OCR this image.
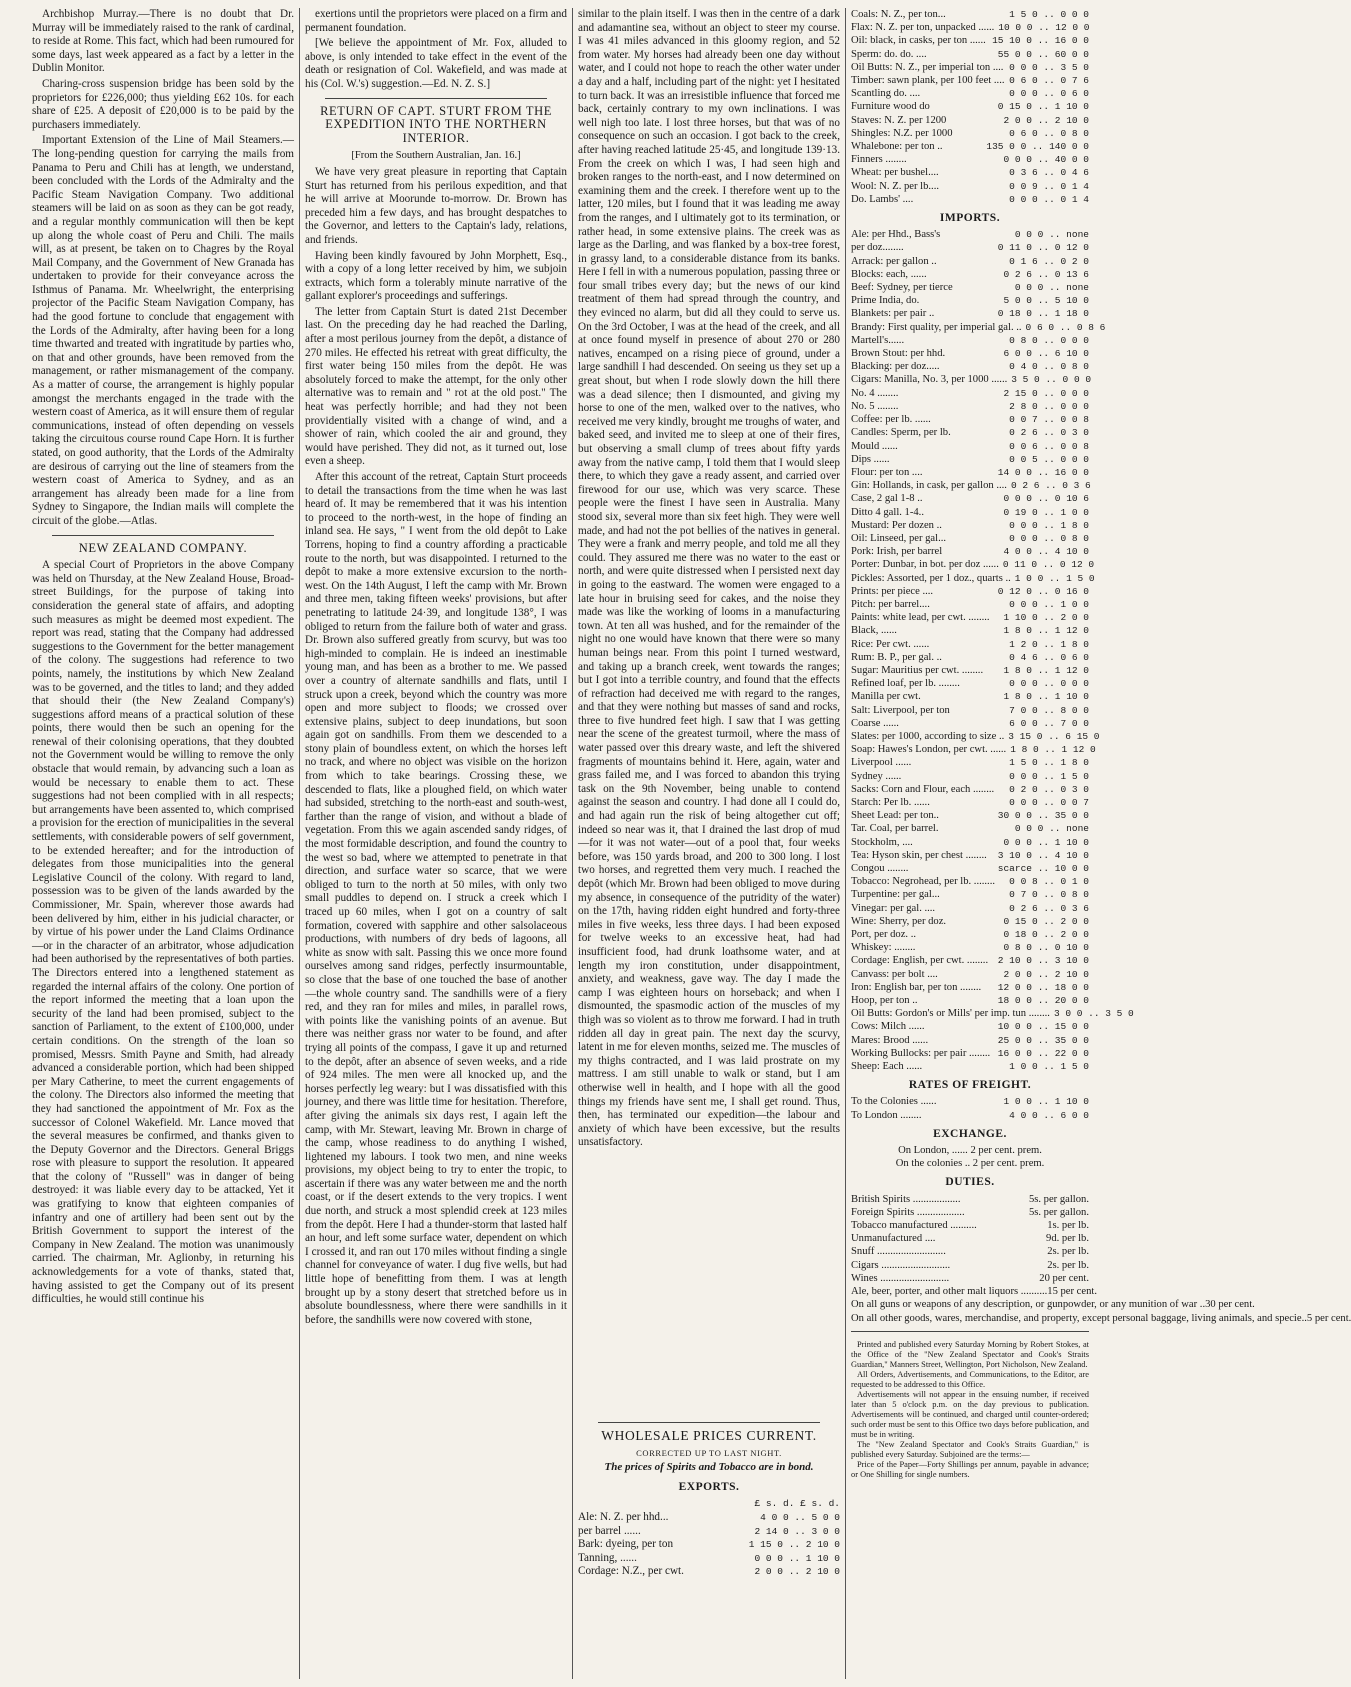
Archbishop Murray.—There is no doubt that Dr. Murray will be immediately raised to the rank of cardinal, to reside at Rome. This fact, which had been rumoured for some days, last week appeared as a fact by a letter in the Dublin Monitor.

Charing-cross suspension bridge has been sold by the proprietors for £226,000; thus yielding £62 10s. for each share of £25. A deposit of £20,000 is to be paid by the purchasers immediately.

Important Extension of the Line of Mail Steamers.—The long-pending question for carrying the mails from Panama to Peru and Chili has at length, we understand, been concluded with the Lords of the Admiralty and the Pacific Steam Navigation Company. Two additional steamers will be laid on as soon as they can be got ready, and a regular monthly communication will then be kept up along the whole coast of Peru and Chili. The mails will, as at present, be taken on to Chagres by the Royal Mail Company, and the Government of New Granada has undertaken to provide for their conveyance across the Isthmus of Panama. Mr. Wheelwright, the enterprising projector of the Pacific Steam Navigation Company, has had the good fortune to conclude that engagement with the Lords of the Admiralty, after having been for a long time thwarted and treated with ingratitude by parties who, on that and other grounds, have been removed from the management, or rather mismanagement of the company. As a matter of course, the arrangement is highly popular amongst the merchants engaged in the trade with the western coast of America, as it will ensure them of regular communications, instead of often depending on vessels taking the circuitous course round Cape Horn. It is further stated, on good authority, that the Lords of the Admiralty are desirous of carrying out the line of steamers from the western coast of America to Sydney, and as an arrangement has already been made for a line from Sydney to Singapore, the Indian mails will complete the circuit of the globe.—Atlas.

NEW ZEALAND COMPANY.

A special Court of Proprietors in the above Company was held on Thursday, at the New Zealand House, Broad-street Buildings, for the purpose of taking into consideration the general state of affairs, and adopting such measures as might be deemed most expedient. The report was read, stating that the Company had addressed suggestions to the Government for the better management of the colony. The suggestions had reference to two points, namely, the institutions by which New Zealand was to be governed, and the titles to land; and they added that should their (the New Zealand Company's) suggestions afford means of a practical solution of these points, there would then be such an opening for the renewal of their colonising operations, that they doubted not the Government would be willing to remove the only obstacle that would remain, by advancing such a loan as would be necessary to enable them to act. These suggestions had not been complied with in all respects; but arrangements have been assented to, which comprised a provision for the erection of municipalities in the several settlements, with considerable powers of self government, to be extended hereafter; and for the introduction of delegates from those municipalities into the general Legislative Council of the colony. With regard to land, possession was to be given of the lands awarded by the Commissioner, Mr. Spain, wherever those awards had been delivered by him, either in his judicial character, or by virtue of his power under the Land Claims Ordinance—or in the character of an arbitrator, whose adjudication had been authorised by the representatives of both parties. The Directors entered into a lengthened statement as regarded the internal affairs of the colony. One portion of the report informed the meeting that a loan upon the security of the land had been promised, subject to the sanction of Parliament, to the extent of £100,000, under certain conditions. On the strength of the loan so promised, Messrs. Smith Payne and Smith, had already advanced a considerable portion, which had been shipped per Mary Catherine, to meet the current engagements of the colony. The Directors also informed the meeting that they had sanctioned the appointment of Mr. Fox as the successor of Colonel Wakefield. Mr. Lance moved that the several measures be confirmed, and thanks given to the Deputy Governor and the Directors. General Briggs rose with pleasure to support the resolution. It appeared that the colony of "Russell" was in danger of being destroyed: it was liable every day to be attacked, Yet it was gratifying to know that eighteen companies of infantry and one of artillery had been sent out by the British Government to support the interest of the Company in New Zealand. The motion was unanimously carried. The chairman, Mr. Aglionby, in returning his acknowledgements for a vote of thanks, stated that, having assisted to get the Company out of its present difficulties, he would still continue his

exertions until the proprietors were placed on a firm and permanent foundation.

[We believe the appointment of Mr. Fox, alluded to above, is only intended to take effect in the event of the death or resignation of Col. Wakefield, and was made at his (Col. W.'s) suggestion.—Ed. N. Z. S.]

RETURN OF CAPT. STURT FROM THE EXPEDITION INTO THE NORTHERN INTERIOR.
[From the Southern Australian, Jan. 16.]

We have very great pleasure in reporting that Captain Sturt has returned from his perilous expedition, and that he will arrive at Moorunde to-morrow. Dr. Brown has preceded him a few days, and has brought despatches to the Governor, and letters to the Captain's lady, relations, and friends.

Having been kindly favoured by John Morphett, Esq., with a copy of a long letter received by him, we subjoin extracts, which form a tolerably minute narrative of the gallant explorer's proceedings and sufferings.

The letter from Captain Sturt is dated 21st December last. On the preceding day he had reached the Darling, after a most perilous journey from the depôt, a distance of 270 miles. He effected his retreat with great difficulty, the first water being 150 miles from the depôt. He was absolutely forced to make the attempt, for the only other alternative was to remain and " rot at the old post." The heat was perfectly horrible; and had they not been providentially visited with a change of wind, and a shower of rain, which cooled the air and ground, they would have perished. They did not, as it turned out, lose even a sheep.

After this account of the retreat, Captain Sturt proceeds to detail the transactions from the time when he was last heard of. It may be remembered that it was his intention to proceed to the north-west, in the hope of finding an inland sea. He says, " I went from the old depôt to Lake Torrens, hoping to find a country affording a practicable route to the north, but was disappointed. I returned to the depôt to make a more extensive excursion to the north-west. On the 14th August, I left the camp with Mr. Brown and three men, taking fifteen weeks' provisions, but after penetrating to latitude 24·39, and longitude 138°, I was obliged to return from the failure both of water and grass. Dr. Brown also suffered greatly from scurvy, but was too high-minded to complain. He is indeed an inestimable young man, and has been as a brother to me. We passed over a country of alternate sandhills and flats, until I struck upon a creek, beyond which the country was more open and more subject to floods; we crossed over extensive plains, subject to deep inundations, but soon again got on sandhills. From them we descended to a stony plain of boundless extent, on which the horses left no track, and where no object was visible on the horizon from which to take bearings. Crossing these, we descended to flats, like a ploughed field, on which water had subsided, stretching to the north-east and south-west, farther than the range of vision, and without a blade of vegetation. From this we again ascended sandy ridges, of the most formidable description, and found the country to the west so bad, where we attempted to penetrate in that direction, and surface water so scarce, that we were obliged to turn to the north at 50 miles, with only two small puddles to depend on. I struck a creek which I traced up 60 miles, when I got on a country of salt formation, covered with sapphire and other salsolaceous productions, with numbers of dry beds of lagoons, all white as snow with salt. Passing this we once more found ourselves among sand ridges, perfectly insurmountable, so close that the base of one touched the base of another—the whole country sand. The sandhills were of a fiery red, and they ran for miles and miles, in parallel rows, with points like the vanishing points of an avenue. But there was neither grass nor water to be found, and after trying all points of the compass, I gave it up and returned to the depôt, after an absence of seven weeks, and a ride of 924 miles. The men were all knocked up, and the horses perfectly leg weary: but I was dissatisfied with this journey, and there was little time for hesitation. Therefore, after giving the animals six days rest, I again left the camp, with Mr. Stewart, leaving Mr. Brown in charge of the camp, whose readiness to do anything I wished, lightened my labours. I took two men, and nine weeks provisions, my object being to try to enter the tropic, to ascertain if there was any water between me and the north coast, or if the desert extends to the very tropics. I went due north, and struck a most splendid creek at 123 miles from the depôt. Here I had a thunder-storm that lasted half an hour, and left some surface water, dependent on which I crossed it, and ran out 170 miles without finding a single channel for conveyance of water. I dug five wells, but had little hope of benefitting from them. I was at length brought up by a stony desert that stretched before us in absolute boundlessness, where there were sandhills in it before, the sandhills were now covered with stone,

similar to the plain itself. I was then in the centre of a dark and adamantine sea, without an object to steer my course. I was 41 miles advanced in this gloomy region, and 52 from water. My horses had already been one day without water, and I could not hope to reach the other water under a day and a half, including part of the night: yet I hesitated to turn back. It was an irresistible influence that forced me back, certainly contrary to my own inclinations. I was well nigh too late. I lost three horses, but that was of no consequence on such an occasion. I got back to the creek, after having reached latitude 25·45, and longitude 139·13. From the creek on which I was, I had seen high and broken ranges to the north-east, and I now determined on examining them and the creek. I therefore went up to the latter, 120 miles, but I found that it was leading me away from the ranges, and I ultimately got to its termination, or rather head, in some extensive plains. The creek was as large as the Darling, and was flanked by a box-tree forest, in grassy land, to a considerable distance from its banks. Here I fell in with a numerous population, passing three or four small tribes every day; but the news of our kind treatment of them had spread through the country, and they evinced no alarm, but did all they could to serve us. On the 3rd October, I was at the head of the creek, and all at once found myself in presence of about 270 or 280 natives, encamped on a rising piece of ground, under a large sandhill I had descended. On seeing us they set up a great shout, but when I rode slowly down the hill there was a dead silence; then I dismounted, and giving my horse to one of the men, walked over to the natives, who received me very kindly, brought me troughs of water, and baked seed, and invited me to sleep at one of their fires, but observing a small clump of trees about fifty yards away from the native camp, I told them that I would sleep there, to which they gave a ready assent, and carried over firewood for our use, which was very scarce. These people were the finest I have seen in Australia. Many stood six, several more than six feet high. They were well made, and had not the pot bellies of the natives in general. They were a frank and merry people, and told me all they could. They assured me there was no water to the east or north, and were quite distressed when I persisted next day in going to the eastward. The women were engaged to a late hour in bruising seed for cakes, and the noise they made was like the working of looms in a manufacturing town. At ten all was hushed, and for the remainder of the night no one would have known that there were so many human beings near. From this point I turned westward, and taking up a branch creek, went towards the ranges; but I got into a terrible country, and found that the effects of refraction had deceived me with regard to the ranges, and that they were nothing but masses of sand and rocks, three to five hundred feet high. I saw that I was getting near the scene of the greatest turmoil, where the mass of water passed over this dreary waste, and left the shivered fragments of mountains behind it. Here, again, water and grass failed me, and I was forced to abandon this trying task on the 9th November, being unable to contend against the season and country. I had done all I could do, and had again run the risk of being altogether cut off; indeed so near was it, that I drained the last drop of mud—for it was not water—out of a pool that, four weeks before, was 150 yards broad, and 200 to 300 long. I lost two horses, and regretted them very much. I reached the depôt (which Mr. Brown had been obliged to move during my absence, in consequence of the putridity of the water) on the 17th, having ridden eight hundred and forty-three miles in five weeks, less three days. I had been exposed for twelve weeks to an excessive heat, had had insufficient food, had drunk loathsome water, and at length my iron constitution, under disappointment, anxiety, and weakness, gave way. The day I made the camp I was eighteen hours on horseback; and when I dismounted, the spasmodic action of the muscles of my thigh was so violent as to throw me forward. I had in truth ridden all day in great pain. The next day the scurvy, latent in me for eleven months, seized me. The muscles of my thighs contracted, and I was laid prostrate on my mattress. I am still unable to walk or stand, but I am otherwise well in health, and I hope with all the good things my friends have sent me, I shall get round. Thus, then, has terminated our expedition—the labour and anxiety of which have been excessive, but the results unsatisfactory.

WHOLESALE PRICES CURRENT.
CORRECTED UP TO LAST NIGHT.
The prices of Spirits and Tobacco are in bond.
EXPORTS.
£ s. d. £ s. d.
Ale: N. Z. per hhd...	4 0 0 .. 5 0 0
per barrel ......	2 14 0 .. 3 0 0
Bark: dyeing, per ton	1 15 0 .. 2 10 0
Tanning, ......	0 0 0 .. 1 10 0
Cordage: N.Z., per cwt.	2 0 0 .. 2 10 0
Coals: N. Z., per ton...	1 5 0 .. 0 0 0
Flax: N. Z. per ton, unpacked ...... 10 0 0 .. 12 0 0
Oil: black, in casks, per ton ...... 15 10 0 .. 16 0 0
Sperm: do. do. ....	55 0 0 .. 60 0 0
Oil Butts: N. Z., per imperial ton .... 0 0 0 .. 3 5 0
Timber: sawn plank, per 100 feet .... 0 6 0 .. 0 7 6
Scantling do. ....	0 0 0 .. 0 6 0
Furniture wood do	0 15 0 .. 1 10 0
Staves: N. Z. per 1200	2 0 0 .. 2 10 0
Shingles: N.Z. per 1000	0 6 0 .. 0 8 0
Whalebone: per ton ..	135 0 0 .. 140 0 0
Finners ........	0 0 0 .. 40 0 0
Wheat: per bushel....	0 3 6 .. 0 4 6
Wool: N. Z. per lb....	0 0 9 .. 0 1 4
Do. Lambs' ....	0 0 0 .. 0 1 4
IMPORTS.
Ale: per Hhd., Bass's	0 0 0 .. none
per doz........	0 11 0 .. 0 12 0
Arrack: per gallon ..	0 1 6 .. 0 2 0
Blocks: each, ......	0 2 6 .. 0 13 6
Beef: Sydney, per tierce	0 0 0 .. none
Prime India, do.	5 0 0 .. 5 10 0
Blankets: per pair ..	0 18 0 .. 1 18 0
Brandy: First quality, per imperial gal. .. 0 6 0 .. 0 8 6
Martell's......	0 8 0 .. 0 0 0
Brown Stout: per hhd.	6 0 0 .. 6 10 0
Blacking: per doz.....	0 4 0 .. 0 8 0
Cigars: Manilla, No. 3, per 1000 ...... 3 5 0 .. 0 0 0
No. 4 ........	2 15 0 .. 0 0 0
No. 5 ........	2 8 0 .. 0 0 0
Coffee: per lb. ......	0 0 7 .. 0 0 8
Candles: Sperm, per lb.	0 2 6 .. 0 3 0
Mould ......	0 0 6 .. 0 0 8
Dips ......	0 0 5 .. 0 0 0
Flour: per ton ....	14 0 0 .. 16 0 0
Gin: Hollands, in cask, per gallon .... 0 2 6 .. 0 3 6
Case, 2 gal 1-8 ..	0 0 0 .. 0 10 6
Ditto 4 gall. 1-4..	0 19 0 .. 1 0 0
Mustard: Per dozen ..	0 0 0 .. 1 8 0
Oil: Linseed, per gal...	0 0 0 .. 0 8 0
Pork: Irish, per barrel	4 0 0 .. 4 10 0
Porter: Dunbar, in bot. per doz ...... 0 11 0 .. 0 12 0
Pickles: Assorted, per 1 doz., quarts .. 1 0 0 .. 1 5 0
Prints: per piece ....	0 12 0 .. 0 16 0
Pitch: per barrel....	0 0 0 .. 1 0 0
Paints: white lead, per cwt. ........	1 10 0 .. 2 0 0
Black, ......	1 8 0 .. 1 12 0
Rice: Per cwt. ......	1 2 0 .. 1 8 0
Rum: B. P., per gal. ..	0 4 6 .. 0 6 0
Sugar: Mauritius per cwt. ........	1 8 0 .. 1 12 0
Refined loaf, per lb. ........	0 0 0 .. 0 0 0
Manilla per cwt.	1 8 0 .. 1 10 0
Salt: Liverpool, per ton	7 0 0 .. 8 0 0
Coarse ......	6 0 0 .. 7 0 0
Slates: per 1000, according to size .. 3 15 0 .. 6 15 0
Soap: Hawes's London, per cwt. ...... 1 8 0 .. 1 12 0
Liverpool ......	1 5 0 .. 1 8 0
Sydney ......	0 0 0 .. 1 5 0
Sacks: Corn and Flour, each ........	0 2 0 .. 0 3 0
Starch: Per lb. ......	0 0 0 .. 0 0 7
Sheet Lead: per ton..	30 0 0 .. 35 0 0
Tar. Coal, per barrel.	0 0 0 .. none
Stockholm, ....	0 0 0 .. 1 10 0
Tea: Hyson skin, per chest ........	3 10 0 .. 4 10 0
Congou ........	scarce .. 10 0 0
Tobacco: Negrohead, per lb. ........	0 0 8 .. 0 1 0
Turpentine: per gal...	0 7 0 .. 0 8 0
Vinegar: per gal. ....	0 2 6 .. 0 3 6
Wine: Sherry, per doz.	0 15 0 .. 2 0 0
Port, per doz. ..	0 18 0 .. 2 0 0
Whiskey: ........	0 8 0 .. 0 10 0
Cordage: English, per cwt. ........	2 10 0 .. 3 10 0
Canvass: per bolt ....	2 0 0 .. 2 10 0
Iron: English bar, per ton ........	12 0 0 .. 18 0 0
Hoop, per ton ..	18 0 0 .. 20 0 0
Oil Butts: Gordon's or Mills' per imp. tun ........ 3 0 0 .. 3 5 0
Cows: Milch ......	10 0 0 .. 15 0 0
Mares: Brood ......	25 0 0 .. 35 0 0
Working Bullocks: per pair ........ 16 0 0 .. 22 0 0
Sheep: Each ......	1 0 0 .. 1 5 0
RATES OF FREIGHT.
To the Colonies ......	1 0 0 .. 1 10 0
To London ........	4 0 0 .. 6 0 0
EXCHANGE.
On London, ...... 2 per cent. prem.
On the colonies .. 2 per cent. prem.
DUTIES.
British Spirits ..................	5s. per gallon.
Foreign Spirits ..................	5s. per gallon.
Tobacco manufactured ..........	1s. per lb.
Unmanufactured ....	9d. per lb.
Snuff ..........................	2s. per lb.
Cigars ..........................	2s. per lb.
Wines ..........................	20 per cent.
Ale, beer, porter, and other malt liquors .......... 15 per cent.
On all guns or weapons of any description, or gunpowder, or any munition of war .. 30 per cent.
On all other goods, wares, merchandise, and property, except personal baggage, living animals, and specie.. 5 per cent.

Printed and published every Saturday Morning by Robert Stokes, at the Office of the "New Zealand Spectator and Cook's Straits Guardian," Manners Street, Wellington, Port Nicholson, New Zealand.

All Orders, Advertisements, and Communications, to the Editor, are requested to be addressed to this Office.

Advertisements will not appear in the ensuing number, if received later than 5 o'clock p.m. on the day previous to publication. Advertisements will be continued, and charged until counter-ordered; such order must be sent to this Office two days before publication, and must be in writing.

The "New Zealand Spectator and Cook's Straits Guardian," is published every Saturday. Subjoined are the terms:—

Price of the Paper—Forty Shillings per annum, payable in advance; or One Shilling for single numbers.
